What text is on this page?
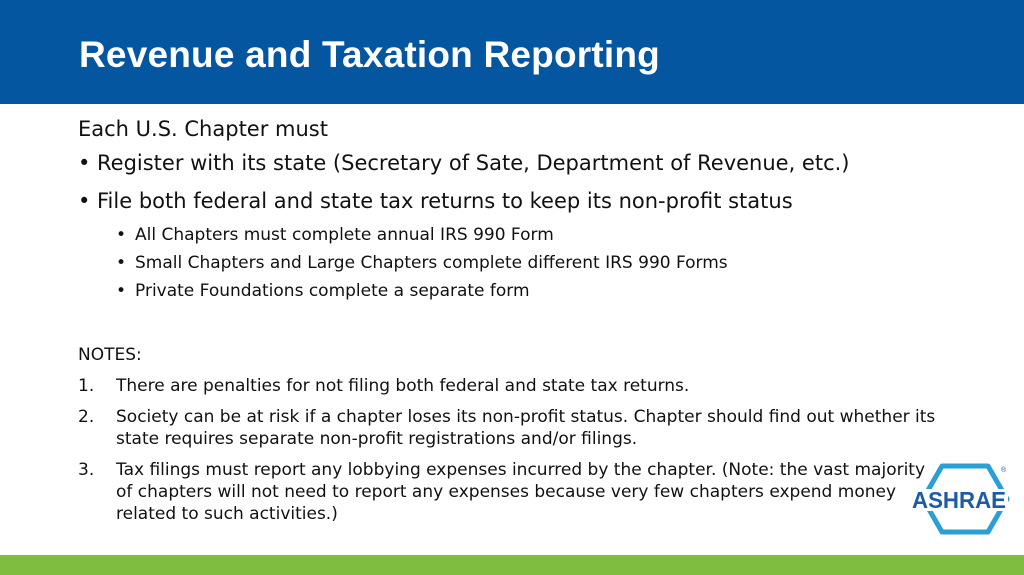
Revenue and Taxation Reporting

Each U.S. Chapter must

• Register with its state (Secretary of Sate, Department of Revenue, etc.)

• File both federal and state tax returns to keep its non-profit status

• All Chapters must complete annual IRS 990 Form

• Small Chapters and Large Chapters complete different IRS 990 Forms

• Private Foundations complete a separate form

NOTES:

1. There are penalties for not filing both federal and state tax returns.
2. Society can be at risk if a chapter loses its non-profit status. Chapter should find out whether its state requires separate non-profit registrations and/or filings.
3. Tax filings must report any lobbying expenses incurred by the chapter. (Note: the vast majority of chapters will not need to report any expenses because very few chapters expend money related to such activities.)
ASHRAE
®
